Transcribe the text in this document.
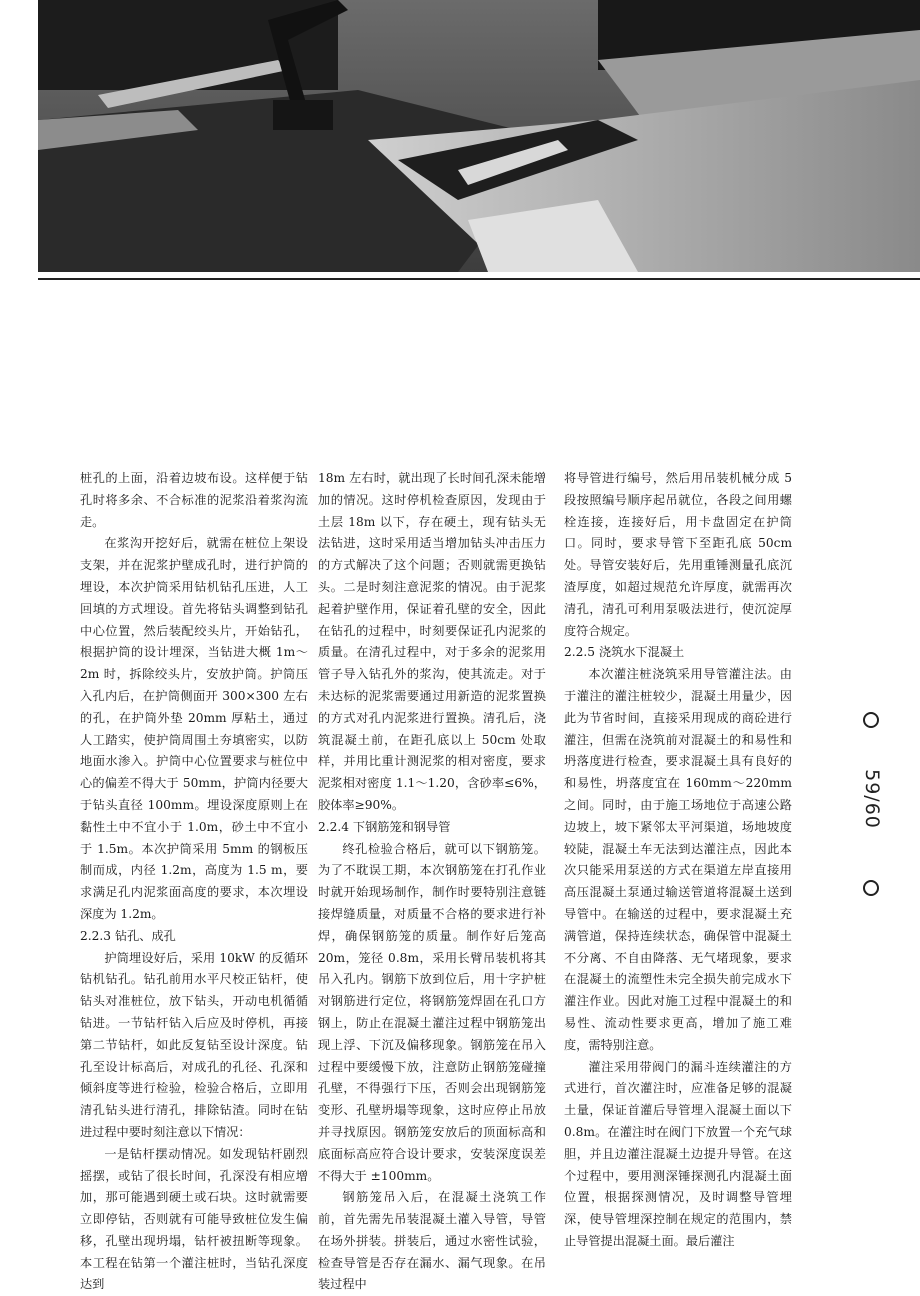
桩孔的上面，沿着边坡布设。这样便于钻孔时将多余、不合标准的泥浆沿着浆沟流走。

在浆沟开挖好后，就需在桩位上架设支架，并在泥浆护壁成孔时，进行护筒的埋设，本次护筒采用钻机钻孔压进，人工回填的方式埋设。首先将钻头调整到钻孔中心位置，然后装配绞头片，开始钻孔，根据护筒的设计埋深，当钻进大概 1m～2m 时，拆除绞头片，安放护筒。护筒压入孔内后，在护筒侧面开 300×300 左右的孔，在护筒外垫 20mm 厚粘土，通过人工踏实，使护筒周围土夯填密实，以防地面水渗入。护筒中心位置要求与桩位中心的偏差不得大于 50mm，护筒内径要大于钻头直径 100mm。埋设深度原则上在黏性土中不宜小于 1.0m，砂土中不宜小于 1.5m。本次护筒采用 5mm 的钢板压制而成，内径 1.2m，高度为 1.5 m，要求满足孔内泥浆面高度的要求，本次埋设深度为 1.2m。

2.2.3 钻孔、成孔

护筒埋设好后，采用 10kW 的反循环钻机钻孔。钻孔前用水平尺校正钻杆，使钻头对准桩位，放下钻头，开动电机循循钻进。一节钻杆钻入后应及时停机，再接第二节钻杆，如此反复钻至设计深度。钻孔至设计标高后，对成孔的孔径、孔深和倾斜度等进行检验，检验合格后，立即用清孔钻头进行清孔，排除钻渣。同时在钻进过程中要时刻注意以下情况：

一是钻杆摆动情况。如发现钻杆剧烈摇摆，或钻了很长时间，孔深没有相应增加，那可能遇到硬土或石块。这时就需要立即停钻，否则就有可能导致桩位发生偏移，孔壁出现坍塌，钻杆被扭断等现象。本工程在钻第一个灌注桩时，当钻孔深度达到

18m 左右时，就出现了长时间孔深未能增加的情况。这时停机检查原因，发现由于土层 18m 以下，存在硬土，现有钻头无法钻进，这时采用适当增加钻头冲击压力的方式解决了这个问题；否则就需更换钻头。二是时刻注意泥浆的情况。由于泥浆起着护壁作用，保证着孔壁的安全，因此在钻孔的过程中，时刻要保证孔内泥浆的质量。在清孔过程中，对于多余的泥浆用管子导入钻孔外的浆沟，使其流走。对于未达标的泥浆需要通过用新造的泥浆置换的方式对孔内泥浆进行置换。清孔后，浇筑混凝土前，在距孔底以上 50cm 处取样，并用比重计测泥浆的相对密度，要求泥浆相对密度 1.1～1.20，含砂率≤6%，胶体率≥90%。

2.2.4 下钢筋笼和钢导管

终孔检验合格后，就可以下钢筋笼。为了不耽误工期，本次钢筋笼在打孔作业时就开始现场制作，制作时要特别注意链接焊缝质量，对质量不合格的要求进行补焊，确保钢筋笼的质量。制作好后笼高 20m，笼径 0.8m，采用长臂吊装机将其吊入孔内。钢筋下放到位后，用十字护桩对钢筋进行定位，将钢筋笼焊固在孔口方钢上，防止在混凝土灌注过程中钢筋笼出现上浮、下沉及偏移现象。钢筋笼在吊入过程中要缓慢下放，注意防止钢筋笼碰撞孔壁，不得强行下压，否则会出现钢筋笼变形、孔壁坍塌等现象，这时应停止吊放并寻找原因。钢筋笼安放后的顶面标高和底面标高应符合设计要求，安装深度误差不得大于 ±100mm。

钢筋笼吊入后，在混凝土浇筑工作前，首先需先吊装混凝土灌入导管，导管在场外拼装。拼装后，通过水密性试验，检查导管是否存在漏水、漏气现象。在吊装过程中

将导管进行编号，然后用吊装机械分成 5 段按照编号顺序起吊就位，各段之间用螺栓连接，连接好后，用卡盘固定在护筒口。同时，要求导管下至距孔底 50cm 处。导管安装好后，先用重锤测量孔底沉渣厚度，如超过规范允许厚度，就需再次清孔，清孔可利用泵吸法进行，使沉淀厚度符合规定。

2.2.5 浇筑水下混凝土

本次灌注桩浇筑采用导管灌注法。由于灌注的灌注桩较少，混凝土用量少，因此为节省时间，直接采用现成的商砼进行灌注，但需在浇筑前对混凝土的和易性和坍落度进行检查，要求混凝土具有良好的和易性，坍落度宜在 160mm～220mm 之间。同时，由于施工场地位于高速公路边坡上，坡下紧邻太平河渠道，场地坡度较陡，混凝土车无法到达灌注点，因此本次只能采用泵送的方式在渠道左岸直接用高压混凝土泵通过输送管道将混凝土送到导管中。在输送的过程中，要求混凝土充满管道，保持连续状态，确保管中混凝土不分离、不自由降落、无气堵现象，要求在混凝土的流塑性未完全损失前完成水下灌注作业。因此对施工过程中混凝土的和易性、流动性要求更高，增加了施工难度，需特别注意。

灌注采用带阀门的漏斗连续灌注的方式进行，首次灌注时，应准备足够的混凝土量，保证首灌后导管埋入混凝土面以下 0.8m。在灌注时在阀门下放置一个充气球胆，并且边灌注混凝土边提升导管。在这个过程中，要用测深锤探测孔内混凝土面位置，根据探测情况，及时调整导管埋深，使导管埋深控制在规定的范围内，禁止导管提出混凝土面。最后灌注

59/60
